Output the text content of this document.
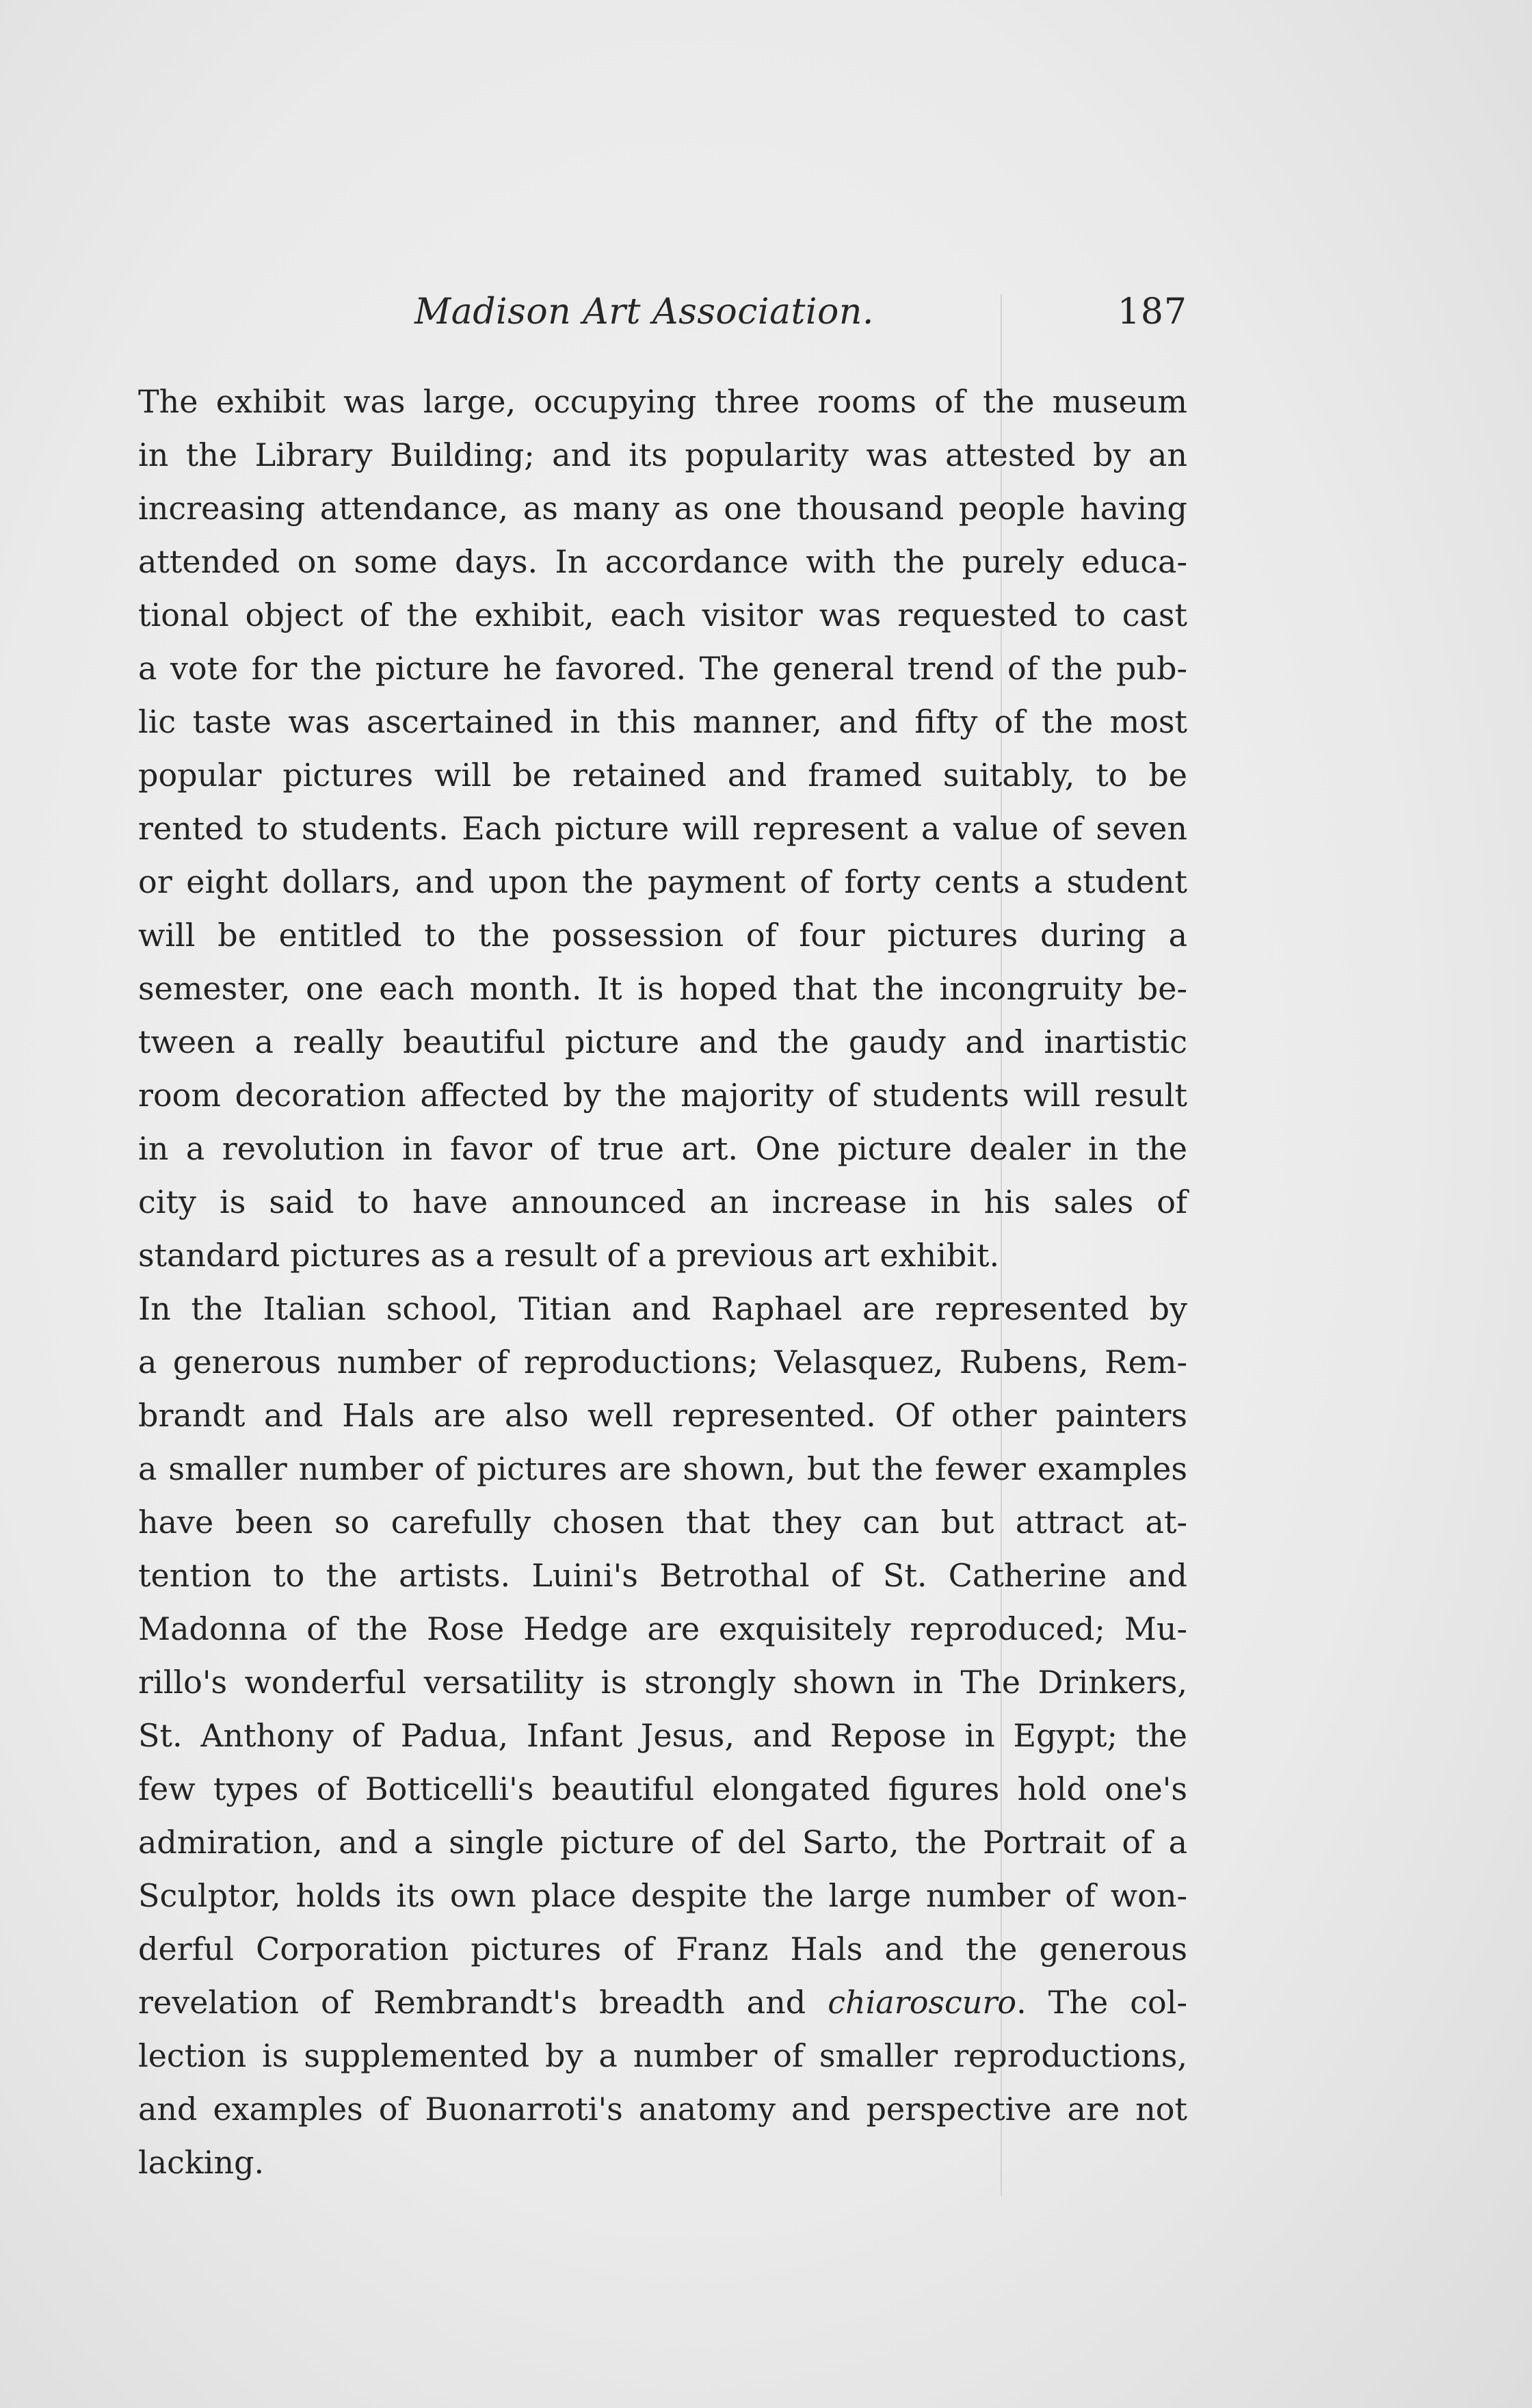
Madison Art Association.	187

The exhibit was large, occupying three rooms of the museum
in the Library Building; and its popularity was attested by an
increasing attendance, as many as one thousand people having
attended on some days. In accordance with the purely educa-
tional object of the exhibit, each visitor was requested to cast
a vote for the picture he favored. The general trend of the pub-
lic taste was ascertained in this manner, and fifty of the most
popular pictures will be retained and framed suitably, to be
rented to students. Each picture will represent a value of seven
or eight dollars, and upon the payment of forty cents a student
will be entitled to the possession of four pictures during a
semester, one each month. It is hoped that the incongruity be-
tween a really beautiful picture and the gaudy and inartistic
room decoration affected by the majority of students will result
in a revolution in favor of true art. One picture dealer in the
city is said to have announced an increase in his sales of
standard pictures as a result of a previous art exhibit.

In the Italian school, Titian and Raphael are represented by
a generous number of reproductions; Velasquez, Rubens, Rem-
brandt and Hals are also well represented. Of other painters
a smaller number of pictures are shown, but the fewer examples
have been so carefully chosen that they can but attract at-
tention to the artists. Luini's Betrothal of St. Catherine and
Madonna of the Rose Hedge are exquisitely reproduced; Mu-
rillo's wonderful versatility is strongly shown in The Drinkers,
St. Anthony of Padua, Infant Jesus, and Repose in Egypt; the
few types of Botticelli's beautiful elongated figures hold one's
admiration, and a single picture of del Sarto, the Portrait of a
Sculptor, holds its own place despite the large number of won-
derful Corporation pictures of Franz Hals and the generous
revelation of Rembrandt's breadth and chiaroscuro. The col-
lection is supplemented by a number of smaller reproductions,
and examples of Buonarroti's anatomy and perspective are not
lacking.
